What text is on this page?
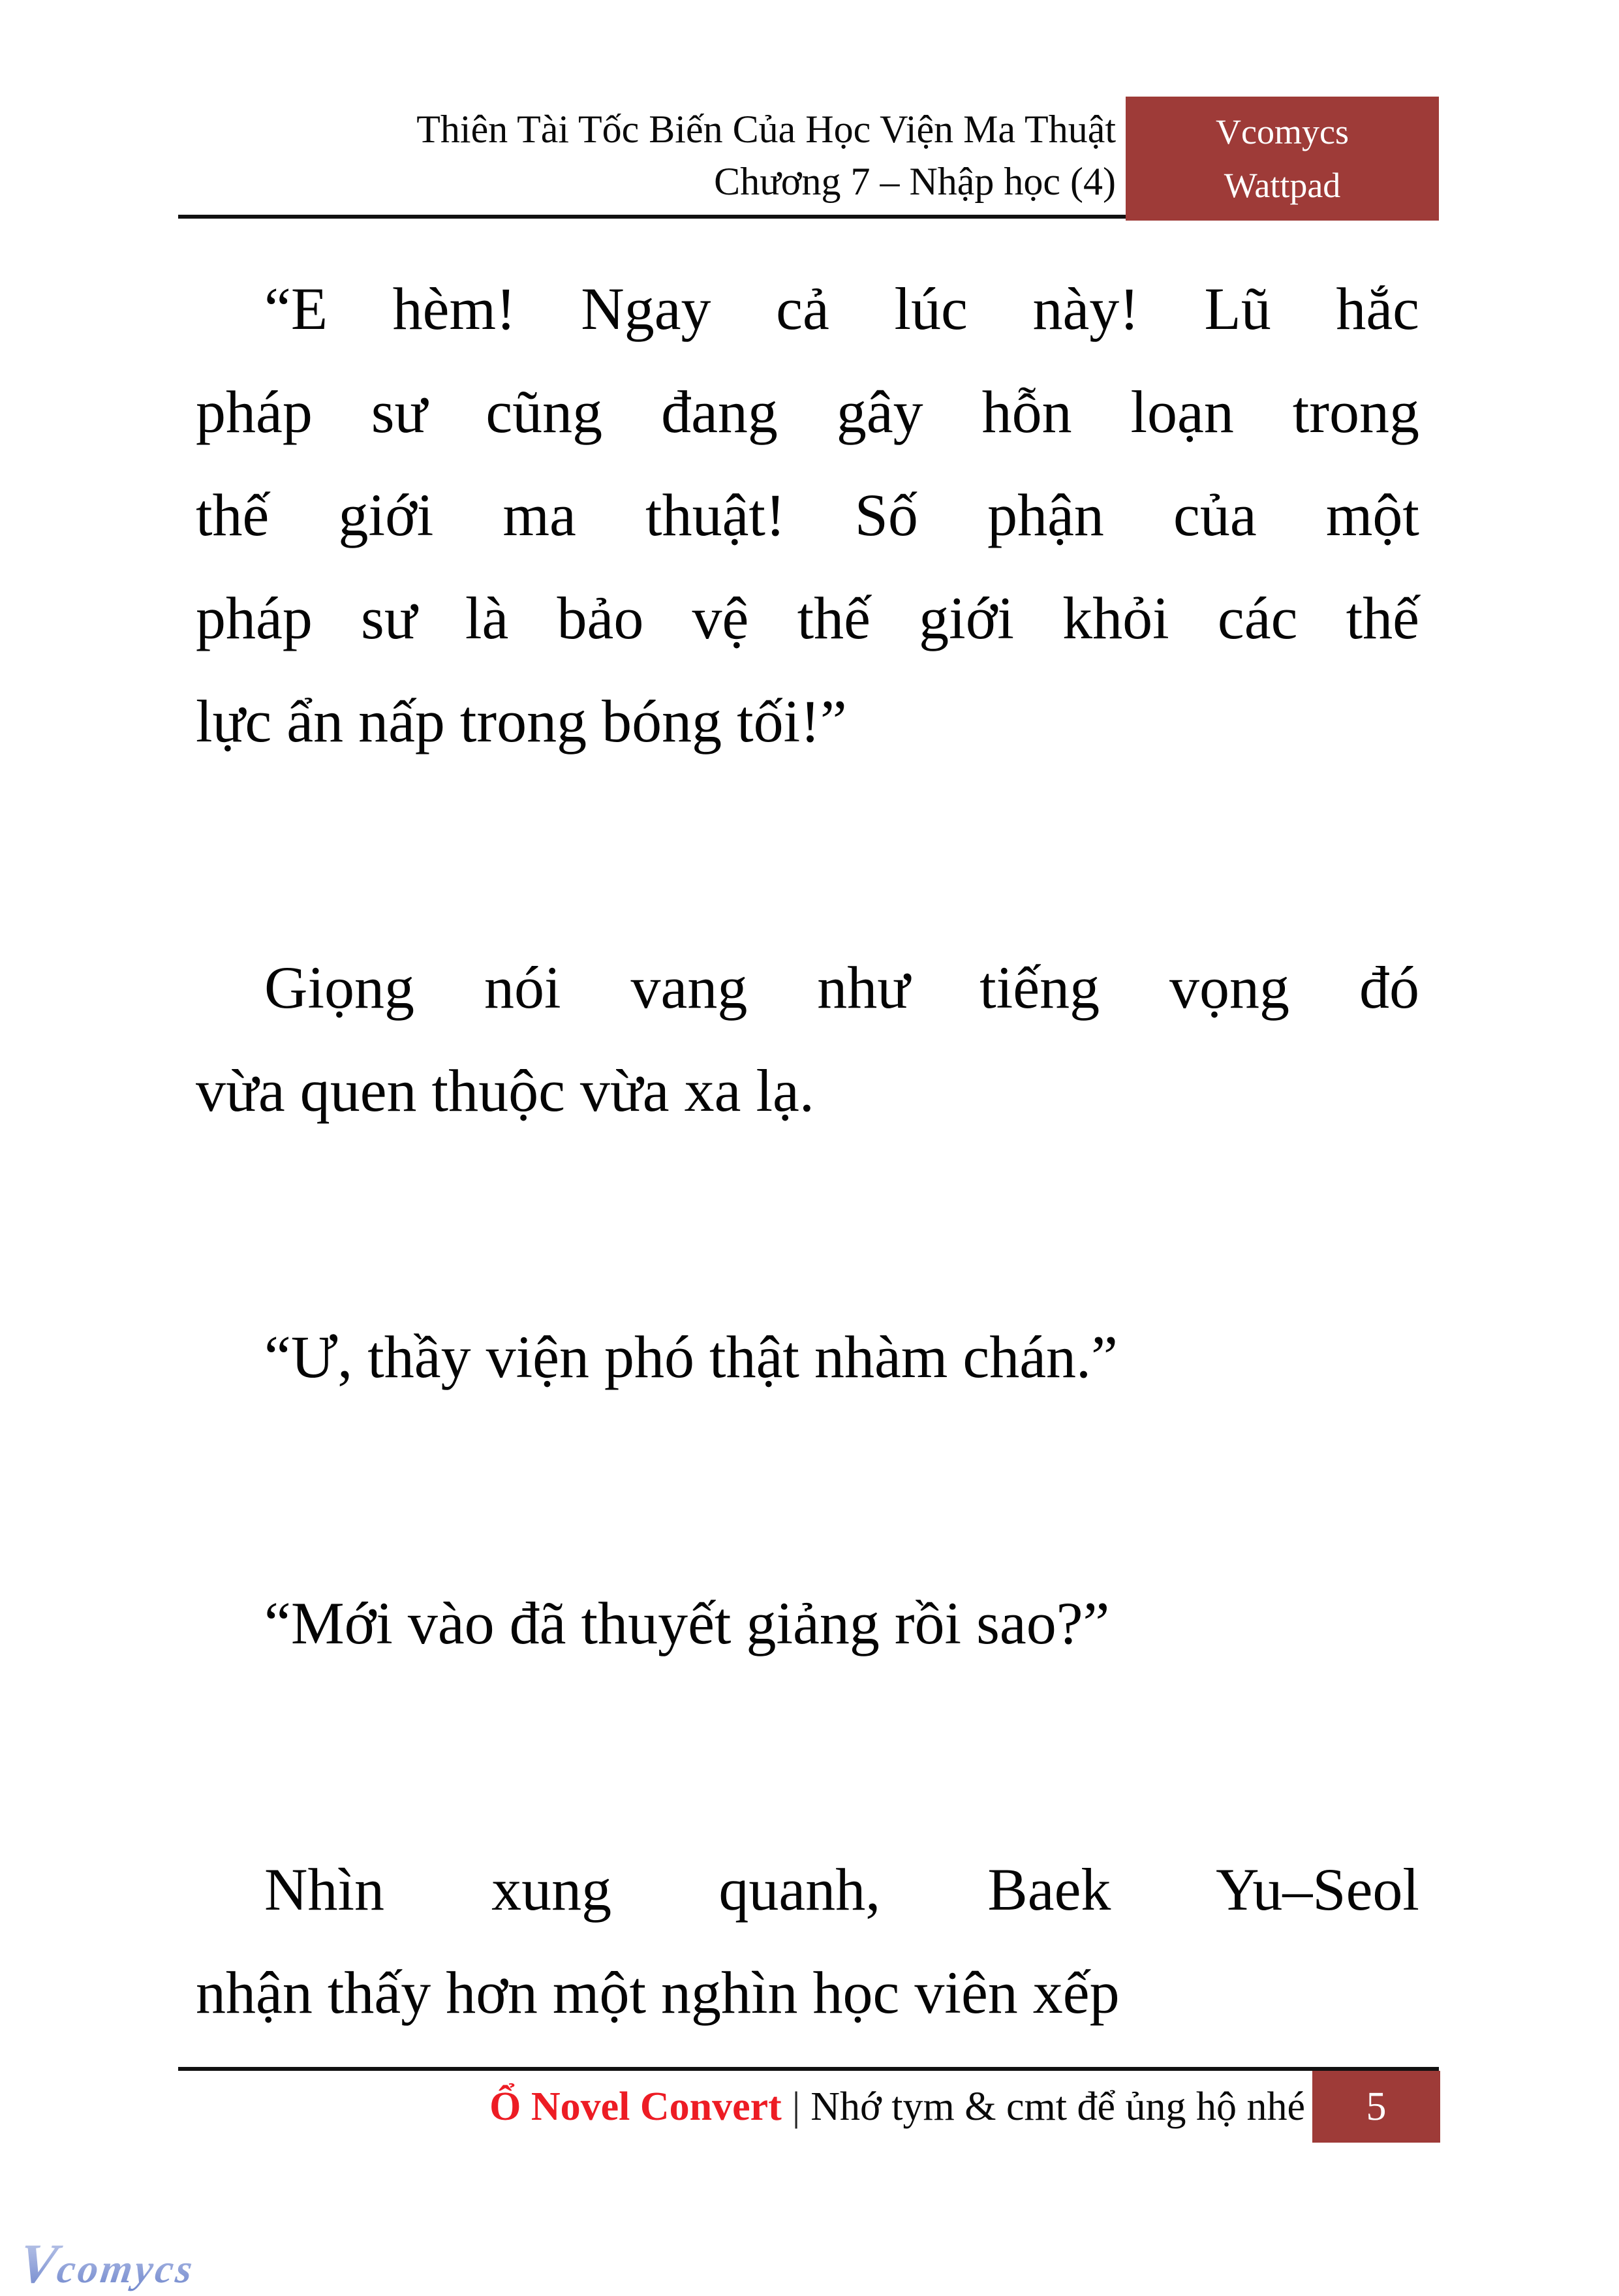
Thiên Tài Tốc Biến Của Học Viện Ma Thuật
Chương 7 – Nhập học (4)
Vcomycs
Wattpad
“E hèm! Ngay cả lúc này! Lũ hắc
pháp sư cũng đang gây hỗn loạn trong
thế giới ma thuật! Số phận của một
pháp sư là bảo vệ thế giới khỏi các thế
lực ẩn nấp trong bóng tối!”
Giọng nói vang như tiếng vọng đó
vừa quen thuộc vừa xa lạ.
“Ư, thầy viện phó thật nhàm chán.”
“Mới vào đã thuyết giảng rồi sao?”
Nhìn xung quanh, Baek Yu–Seol
nhận thấy hơn một nghìn học viên xếp
Ổ Novel Convert | Nhớ tym & cmt để ủng hộ nhé 5
Vcomycs
